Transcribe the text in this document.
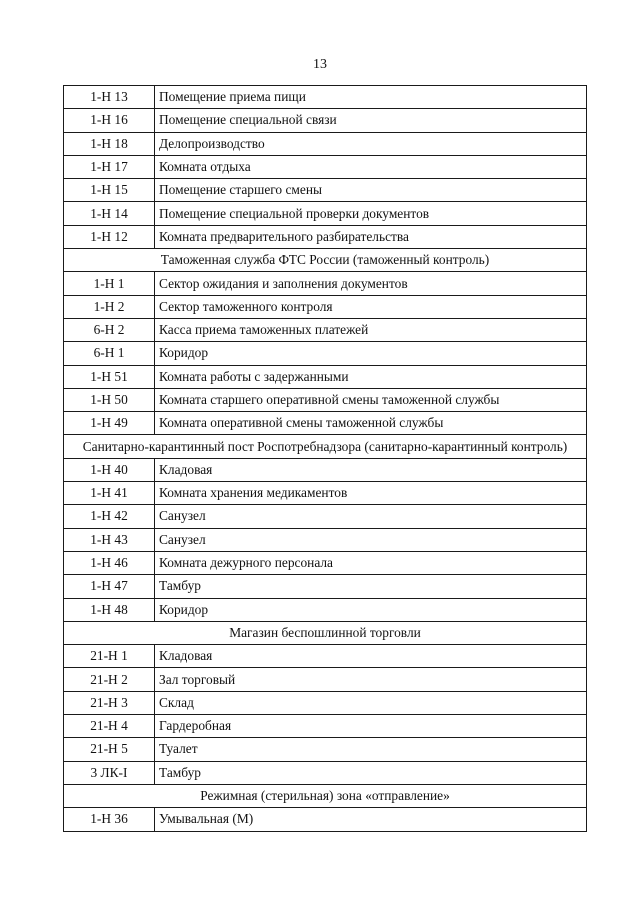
13
1-Н 13	Помещение приема пищи
1-Н 16	Помещение специальной связи
1-Н 18	Делопроизводство
1-Н 17	Комната отдыха
1-Н 15	Помещение старшего смены
1-Н 14	Помещение специальной проверки документов
1-Н 12	Комната предварительного разбирательства
Таможенная служба ФТС России (таможенный контроль)	
1-Н 1	Сектор ожидания и заполнения документов
1-Н 2	Сектор таможенного контроля
6-Н 2	Касса приема таможенных платежей
6-Н 1	Коридор
1-Н 51	Комната работы с задержанными
1-Н 50	Комната старшего оперативной смены таможенной службы
1-Н 49	Комната оперативной смены таможенной службы
Санитарно-карантинный пост Роспотребнадзора (санитарно-карантинный контроль)	
1-Н 40	Кладовая
1-Н 41	Комната хранения медикаментов
1-Н 42	Санузел
1-Н 43	Санузел
1-Н 46	Комната дежурного персонала
1-Н 47	Тамбур
1-Н 48	Коридор
Магазин беспошлинной торговли	
21-Н 1	Кладовая
21-Н 2	Зал торговый
21-Н 3	Склад
21-Н 4	Гардеробная
21-Н 5	Туалет
3 ЛК-I	Тамбур
Режимная (стерильная) зона «отправление»	
1-Н 36	Умывальная (М)
